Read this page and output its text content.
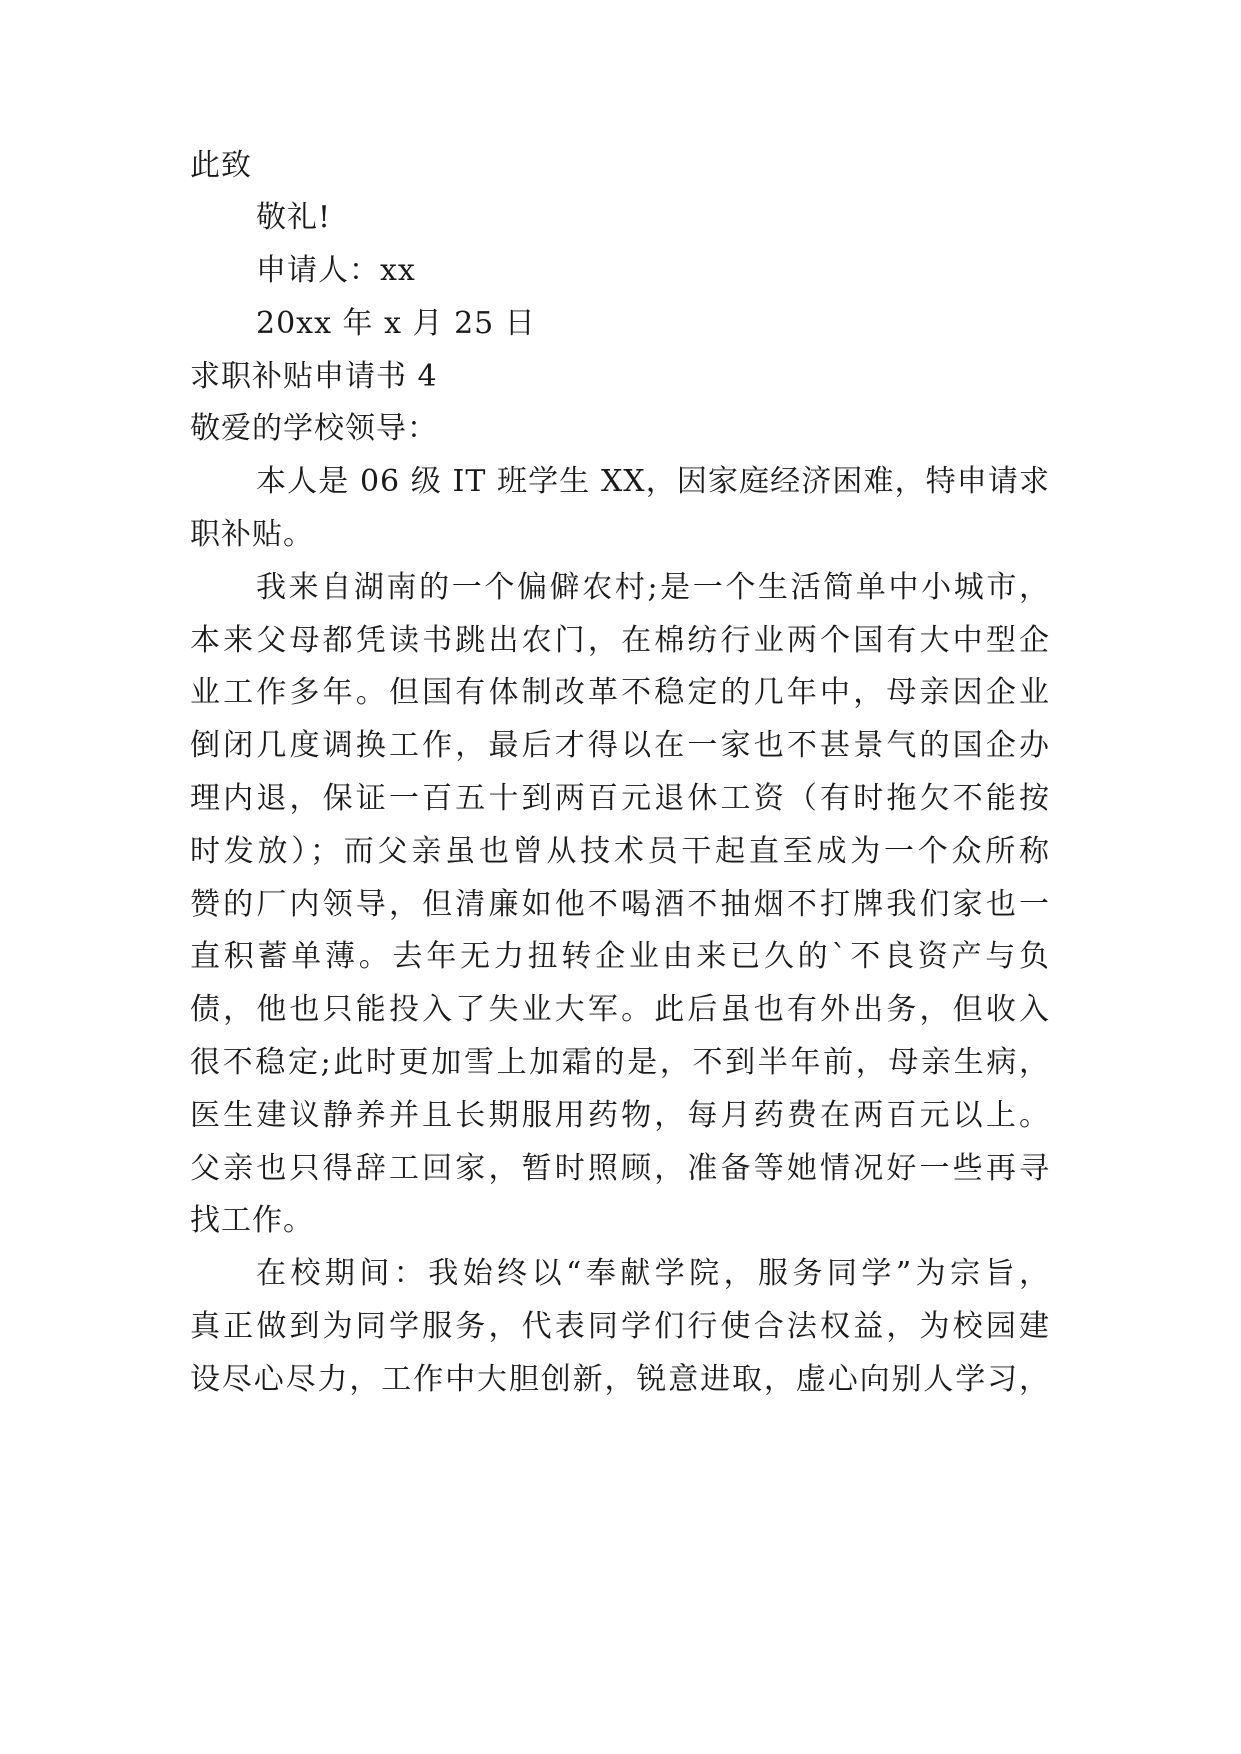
此致
敬礼!
申请人：xx
20xx 年 x 月 25 日
求职补贴申请书 4
敬爱的学校领导：
本人是 06 级 IT 班学生 XX，因家庭经济困难，特申请求
职补贴。
我来自湖南的一个偏僻农村;是一个生活简单中小城市，
本来父母都凭读书跳出农门，在棉纺行业两个国有大中型企
业工作多年。但国有体制改革不稳定的几年中，母亲因企业
倒闭几度调换工作，最后才得以在一家也不甚景气的国企办
理内退，保证一百五十到两百元退休工资（有时拖欠不能按
时发放）；而父亲虽也曾从技术员干起直至成为一个众所称
赞的厂内领导，但清廉如他不喝酒不抽烟不打牌我们家也一
直积蓄单薄。去年无力扭转企业由来已久的`不良资产与负
债，他也只能投入了失业大军。此后虽也有外出务，但收入
很不稳定;此时更加雪上加霜的是，不到半年前，母亲生病，
医生建议静养并且长期服用药物，每月药费在两百元以上。
父亲也只得辞工回家，暂时照顾，准备等她情况好一些再寻
找工作。
在校期间：我始终以“奉献学院，服务同学”为宗旨，
真正做到为同学服务，代表同学们行使合法权益，为校园建
设尽心尽力，工作中大胆创新，锐意进取，虚心向别人学习，
